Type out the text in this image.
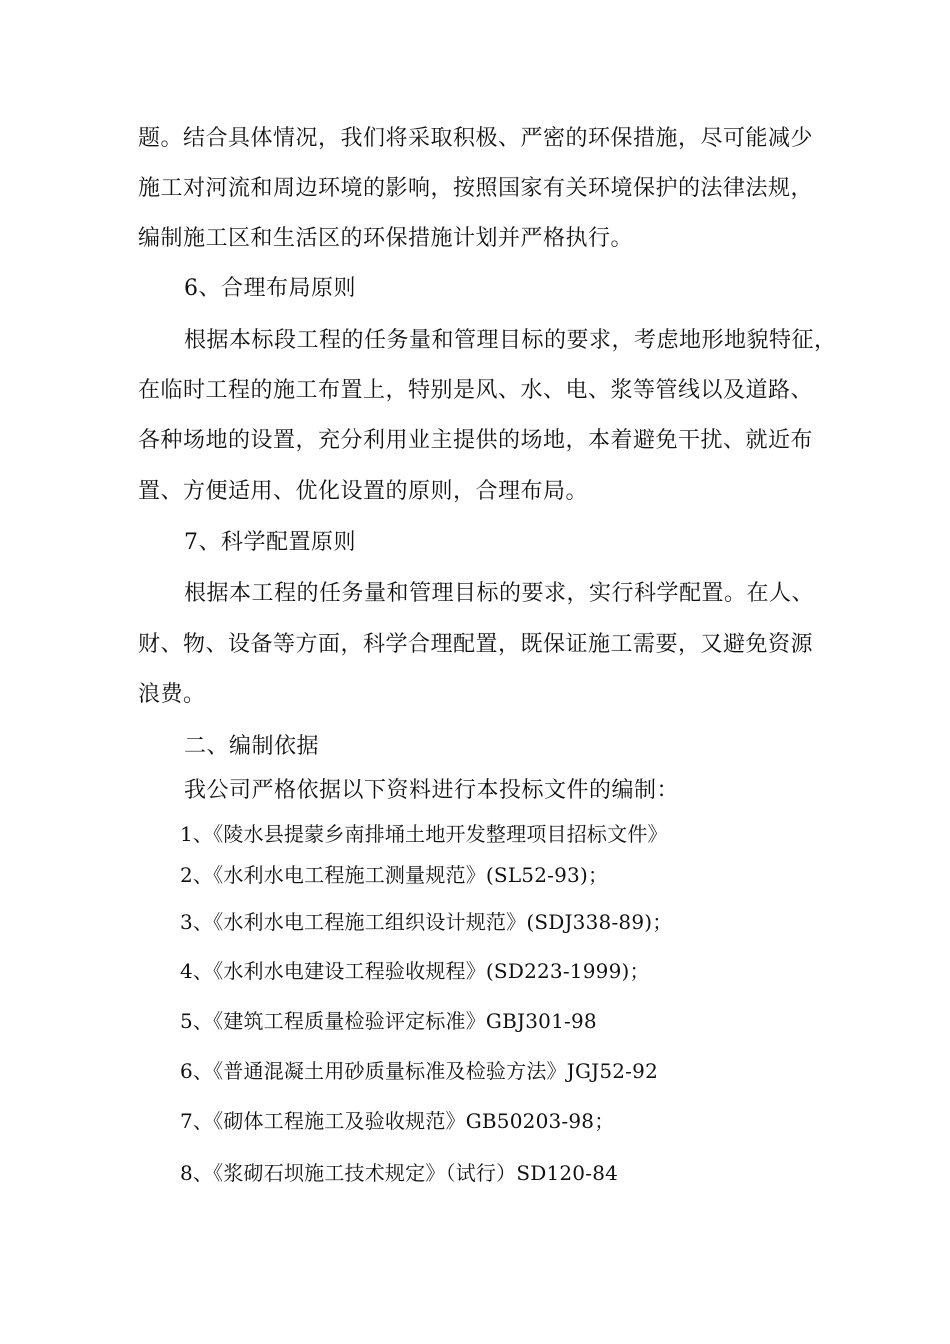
题。结合具体情况，我们将采取积极、严密的环保措施，尽可能减少
施工对河流和周边环境的影响，按照国家有关环境保护的法律法规，
编制施工区和生活区的环保措施计划并严格执行。
6、合理布局原则
根据本标段工程的任务量和管理目标的要求，考虑地形地貌特征，
在临时工程的施工布置上，特别是风、水、电、浆等管线以及道路、
各种场地的设置，充分利用业主提供的场地，本着避免干扰、就近布
置、方便适用、优化设置的原则，合理布局。
7、科学配置原则
根据本工程的任务量和管理目标的要求，实行科学配置。在人、
财、物、设备等方面，科学合理配置，既保证施工需要，又避免资源
浪费。
二、编制依据
我公司严格依据以下资料进行本投标文件的编制：
1、《陵水县提蒙乡南排埇土地开发整理项目招标文件》
2、《水利水电工程施工测量规范》(SL52-93)；
3、《水利水电工程施工组织设计规范》(SDJ338-89)；
4、《水利水电建设工程验收规程》(SD223-1999)；
5、《建筑工程质量检验评定标准》GBJ301-98
6、《普通混凝土用砂质量标准及检验方法》JGJ52-92
7、《砌体工程施工及验收规范》GB50203-98；
8、《浆砌石坝施工技术规定》（试行）SD120-84
